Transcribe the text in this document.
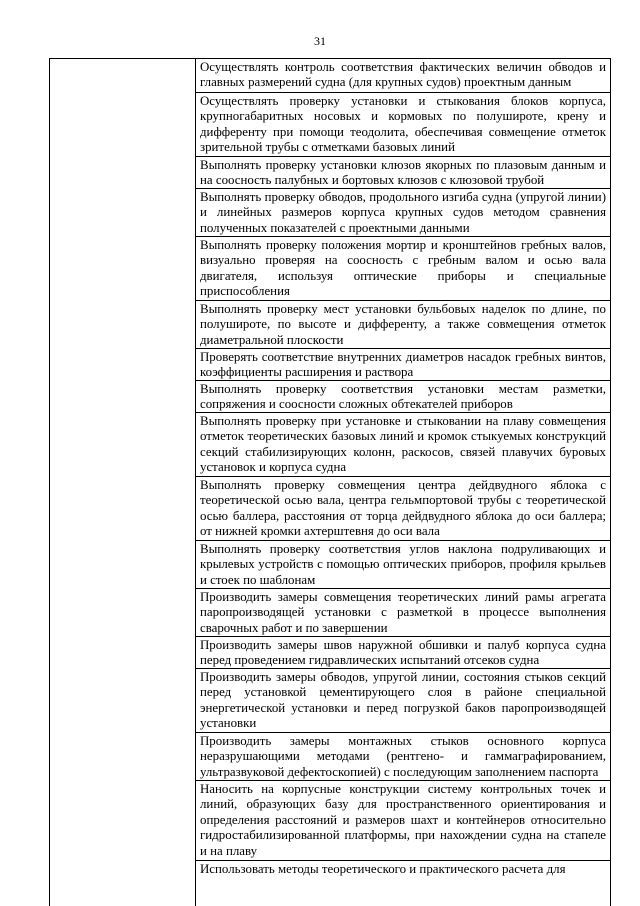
31
Осуществлять контроль соответствия фактических величин обводов и главных размерений судна (для крупных судов) проектным данным
Осуществлять проверку установки и стыкования блоков корпуса, крупногабаритных носовых и кормовых по полушироте, крену и дифференту при помощи теодолита, обеспечивая совмещение отметок зрительной трубы с отметками базовых линий
Выполнять проверку установки клюзов якорных по плазовым данным и на соосность палубных и бортовых клюзов с клюзовой трубой
Выполнять проверку обводов, продольного изгиба судна (упругой линии) и линейных размеров корпуса крупных судов методом сравнения полученных показателей с проектными данными
Выполнять проверку положения мортир и кронштейнов гребных валов, визуально проверяя на соосность с гребным валом и осью вала двигателя, используя оптические приборы и специальные приспособления
Выполнять проверку мест установки бульбовых наделок по длине, по полушироте, по высоте и дифференту, а также совмещения отметок диаметральной плоскости
Проверять соответствие внутренних диаметров насадок гребных винтов, коэффициенты расширения и раствора
Выполнять проверку соответствия установки местам разметки, сопряжения и соосности сложных обтекателей приборов
Выполнять проверку при установке и стыковании на плаву совмещения отметок теоретических базовых линий и кромок стыкуемых конструкций секций стабилизирующих колонн, раскосов, связей плавучих буровых установок и корпуса судна
Выполнять проверку совмещения центра дейдвудного яблока с теоретической осью вала, центра гельмпортовой трубы с теоретической осью баллера, расстояния от торца дейдвудного яблока до оси баллера; от нижней кромки ахтерштевня до оси вала
Выполнять проверку соответствия углов наклона подруливающих и крылевых устройств с помощью оптических приборов, профиля крыльев и стоек по шаблонам
Производить замеры совмещения теоретических линий рамы агрегата паропроизводящей установки с разметкой в процессе выполнения сварочных работ и по завершении
Производить замеры швов наружной обшивки и палуб корпуса судна перед проведением гидравлических испытаний отсеков судна
Производить замеры обводов, упругой линии, состояния стыков секций перед установкой цементирующего слоя в районе специальной энергетической установки и перед погрузкой баков паропроизводящей установки
Производить замеры монтажных стыков основного корпуса неразрушающими методами (рентгено- и гаммаграфированием, ультразвуковой дефектоскопией) с последующим заполнением паспорта
Наносить на корпусные конструкции систему контрольных точек и линий, образующих базу для пространственного ориентирования и определения расстояний и размеров шахт и контейнеров относительно гидростабилизированной платформы, при нахождении судна на стапеле и на плаву
Использовать методы теоретического и практического расчета для
